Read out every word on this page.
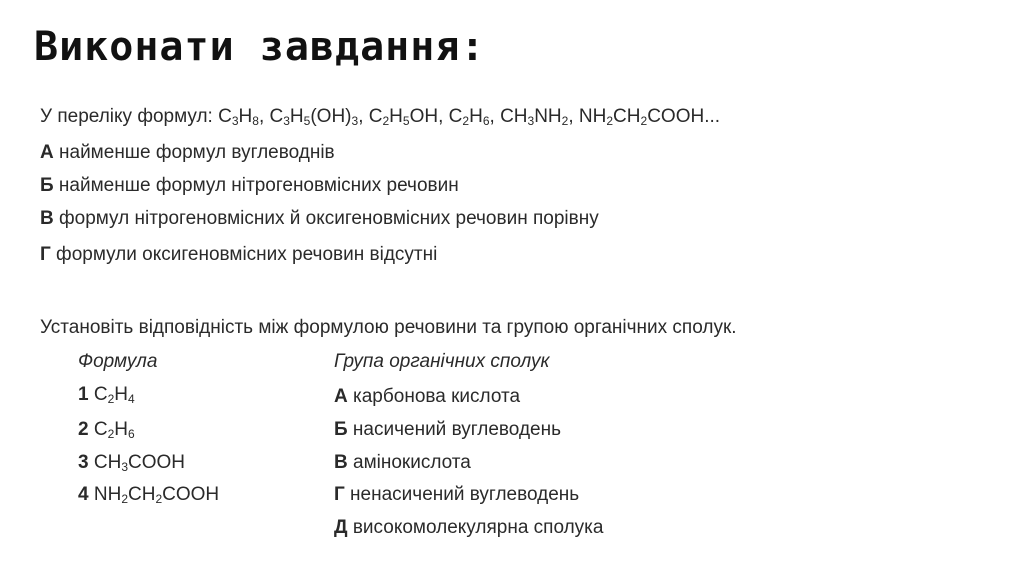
Виконати завдання:
У переліку формул: $C_3H_8$, $C_3H_5(OH)_3$, $C_2H_5OH$, $C_2H_6$, $CH_3NH_2$, $NH_2CH_2COOH$...
А найменше формул вуглеводнів
Б найменше формул нітрогеновмісних речовин
В формул нітрогеновмісних й оксигеновмісних речовин порівну
Г формули оксигеновмісних речовин відсутні
Установіть відповідність між формулою речовини та групою органічних сполук.
Формула	Група органічних сполук
1 $C_2H_4$
2 $C_2H_6$
3 $CH_3COOH$
4 $NH_2CH_2COOH$
А карбонова кислота
Б насичений вуглеводень
В амінокислота
Г ненасичений вуглеводень
Д високомолекулярна сполука
